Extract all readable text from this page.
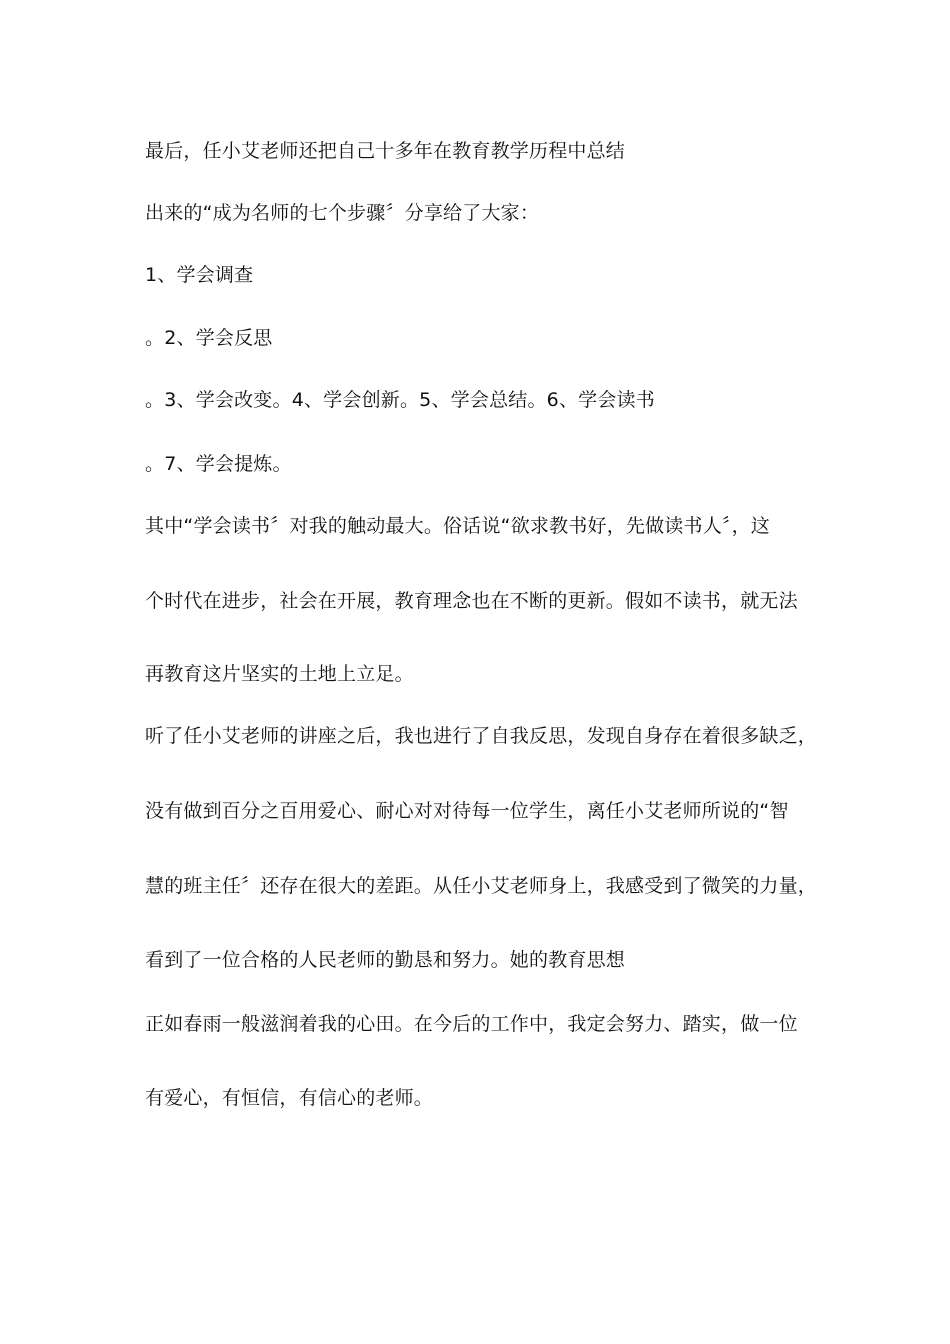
最后，任小艾老师还把自己十多年在教育教学历程中总结
出来的“成为名师的七个步骤〞分享给了大家：
1、学会调查
。2、学会反思
。3、学会改变。4、学会创新。5、学会总结。6、学会读书
。7、学会提炼。
其中“学会读书〞对我的触动最大。俗话说“欲求教书好，先做读书人〞，这
个时代在进步，社会在开展，教育理念也在不断的更新。假如不读书，就无法
再教育这片坚实的土地上立足。
听了任小艾老师的讲座之后，我也进行了自我反思，发现自身存在着很多缺乏，
没有做到百分之百用爱心、耐心对对待每一位学生，离任小艾老师所说的“智
慧的班主任〞还存在很大的差距。从任小艾老师身上，我感受到了微笑的力量，
看到了一位合格的人民老师的勤恳和努力。她的教育思想
正如春雨一般滋润着我的心田。在今后的工作中，我定会努力、踏实，做一位
有爱心，有恒信，有信心的老师。
